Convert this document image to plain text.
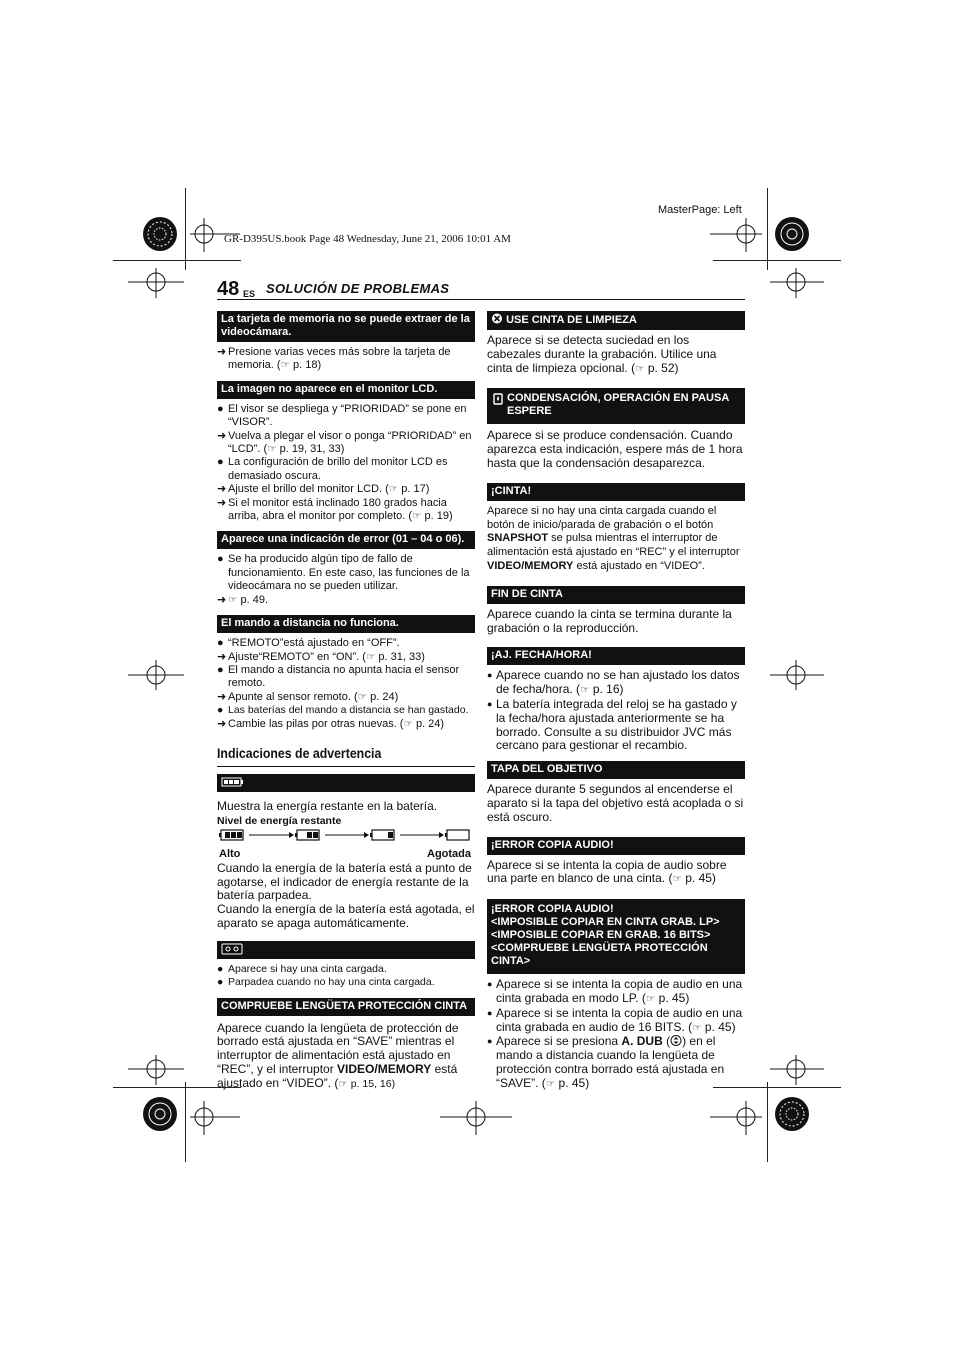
MasterPage: Left
GR-D395US.book Page 48 Wednesday, June 21, 2006 10:01 AM
48 ES SOLUCIÓN DE PROBLEMAS
La tarjeta de memoria no se puede extraer de la videocámara.

➜ Presione varias veces más sobre la tarjeta de memoria. (☞ p. 18)

La imagen no aparece en el monitor LCD.

● El visor se despliega y “PRIORIDAD” se pone en “VISOR”.

➜ Vuelva a plegar el visor o ponga “PRIORIDAD” en “LCD”. (☞ p. 19, 31, 33)

● La configuración de brillo del monitor LCD es demasiado oscura.

➜ Ajuste el brillo del monitor LCD. (☞ p. 17)

➜ Si el monitor está inclinado 180 grados hacia arriba, abra el monitor por completo. (☞ p. 19)

Aparece una indicación de error (01 – 04 o 06).

● Se ha producido algún tipo de fallo de funcionamiento. En este caso, las funciones de la videocámara no se pueden utilizar.

➜ ☞ p. 49.

El mando a distancia no funciona.

● “REMOTO”está ajustado en “OFF”.

➜ Ajuste“REMOTO” en “ON”. (☞ p. 31, 33)

● El mando a distancia no apunta hacia el sensor remoto.

➜ Apunte al sensor remoto. (☞ p. 24)

● Las baterías del mando a distancia se han gastado.

➜ Cambie las pilas por otras nuevas. (☞ p. 24)

Indicaciones de advertencia

Muestra la energía restante en la batería.

Nivel de energía restante
Alto	Agotada

Cuando la energía de la batería está a punto de agotarse, el indicador de energía restante de la batería parpadea.

Cuando la energía de la batería está agotada, el aparato se apaga automáticamente.

● Aparece si hay una cinta cargada.

● Parpadea cuando no hay una cinta cargada.

COMPRUEBE LENGÜETA PROTECCIÓN CINTA

Aparece cuando la lengüeta de protección de borrado está ajustada en “SAVE” mientras el interruptor de alimentación está ajustado en “REC”, y el interruptor VIDEO/MEMORY está ajustado en “VIDEO”. (☞ p. 15, 16)

USE CINTA DE LIMPIEZA

Aparece si se detecta suciedad en los cabezales durante la grabación. Utilice una cinta de limpieza opcional. (☞ p. 52)

CONDENSACIÓN, OPERACIÓN EN PAUSA ESPERE

Aparece si se produce condensación. Cuando aparezca esta indicación, espere más de 1 hora hasta que la condensación desaparezca.

¡CINTA!

Aparece si no hay una cinta cargada cuando el botón de inicio/parada de grabación o el botón SNAPSHOT se pulsa mientras el interruptor de alimentación está ajustado en “REC” y el interruptor VIDEO/MEMORY está ajustado en “VIDEO”.

FIN DE CINTA

Aparece cuando la cinta se termina durante la grabación o la reproducción.

¡AJ. FECHA/HORA!

● Aparece cuando no se han ajustado los datos de fecha/hora. (☞ p. 16)

● La batería integrada del reloj se ha gastado y la fecha/hora ajustada anteriormente se ha borrado. Consulte a su distribuidor JVC más cercano para gestionar el recambio.

TAPA DEL OBJETIVO

Aparece durante 5 segundos al encenderse el aparato si la tapa del objetivo está acoplada o si está oscuro.

¡ERROR COPIA AUDIO!

Aparece si se intenta la copia de audio sobre una parte en blanco de una cinta. (☞ p. 45)

¡ERROR COPIA AUDIO!
<IMPOSIBLE COPIAR EN CINTA GRAB. LP>
<IMPOSIBLE COPIAR EN GRAB. 16 BITS>
<COMPRUEBE LENGÜETA PROTECCIÓN CINTA>

● Aparece si se intenta la copia de audio en una cinta grabada en modo LP. (☞ p. 45)

● Aparece si se intenta la copia de audio en una cinta grabada en audio de 16 BITS. (☞ p. 45)

● Aparece si se presiona A. DUB ( ) en el mando a distancia cuando la lengüeta de protección contra borrado está ajustada en “SAVE”. (☞ p. 45)
